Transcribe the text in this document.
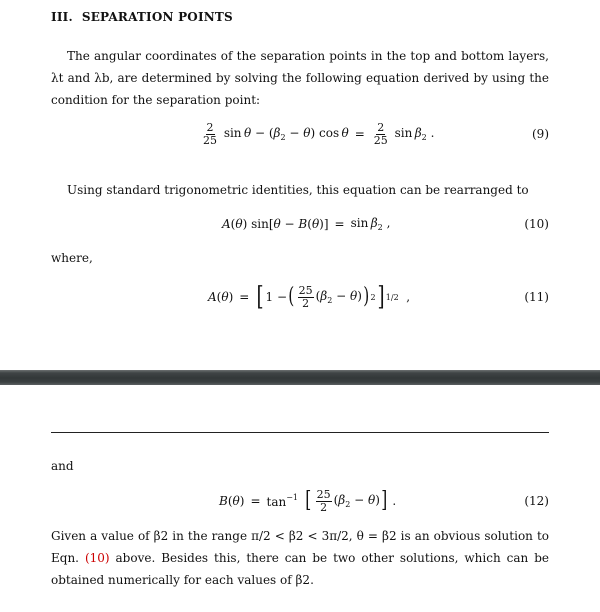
III. SEPARATION POINTS

The angular coordinates of the separation points in the top and bottom layers, λt and λb, are determined by solving the following equation derived by using the condition for the separation point:

$\frac{2}{25}$ $\sin \theta - (\beta_2 - \theta)$ $\cos \theta = \frac{2}{25}$ $\sin \beta_2$ .	(9)

Using standard trigonometric identities, this equation can be rearranged to

A(θ) $\sin[\theta - B(\theta)] = \sin \beta_2$ ,	(10)

where,

A(θ) = [ 1 − ( $\frac{25}{2} (\beta_2 - \theta)$ ) 2 ] 1/2 ,	(11)

and

$B(\theta) = \tan^{-1}$ [ $\frac{25}{2} (\beta_2 - \theta)$ ] .	(12)

Given a value of β2 in the range π/2 < β2 < 3π/2, θ = β2 is an obvious solution to Eqn. (10) above. Besides this, there can be two other solutions, which can be obtained numerically for each values of β2.
